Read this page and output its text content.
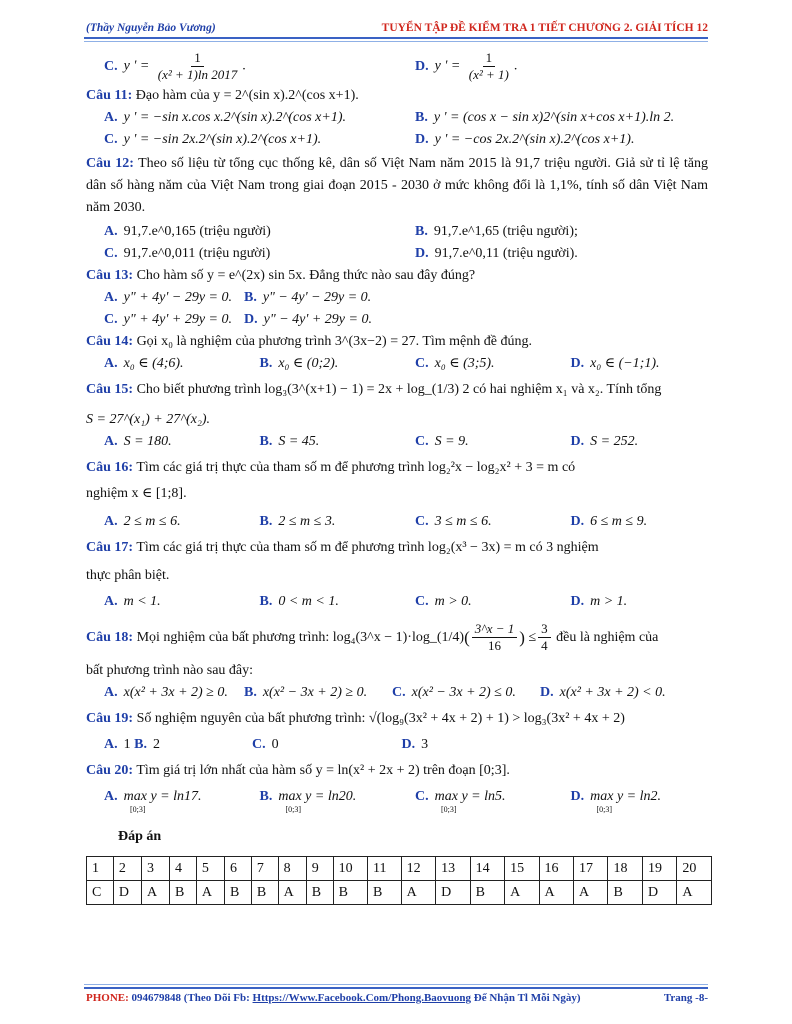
(Thầy Nguyễn Bảo Vương)	TUYỂN TẬP ĐỀ KIỂM TRA 1 TIẾT CHƯƠNG 2. GIẢI TÍCH 12
C. y ' = $\frac{1}{\text{(x² + 1)ln 2017}}$ .	D. y ' = $\frac{1}{\text{(x² + 1)}}$ .
Câu 11: Đạo hàm của y = 2^(sin x).2^(cos x+1).
A. y ' = −sin x.cos x.2^(sin x).2^(cos x+1).	B. y ' = (cos x − sin x)2^(sin x+cos x+1).ln 2.
C. y ' = −sin 2x.2^(sin x).2^(cos x+1).	D. y ' = −cos 2x.2^(sin x).2^(cos x+1).
Câu 12: Theo số liệu từ tổng cục thống kê, dân số Việt Nam năm 2015 là 91,7 triệu người. Giả sử tỉ lệ tăng dân số hàng năm của Việt Nam trong giai đoạn 2015 - 2030 ở mức không đổi là 1,1%, tính số dân Việt Nam năm 2030.
A. 91,7.e^0,165 (triệu người)	B. 91,7.e^1,65 (triệu người);
C. 91,7.e^0,011 (triệu người)	D. 91,7.e^0,11 (triệu người).
Câu 13: Cho hàm số y = e^(2x) sin 5x. Đẳng thức nào sau đây đúng?
A. y" + 4y' − 29y = 0. B. y" − 4y' − 29y = 0.
C. y" + 4y' + 29y = 0. D. y" − 4y' + 29y = 0.
Câu 14: Gọi x₀ là nghiệm của phương trình 3^(3x−2) = 27. Tìm mệnh đề đúng.
A. x₀ ∈ (4;6).	B. x₀ ∈ (0;2).	C. x₀ ∈ (3;5).	D. x₀ ∈ (−1;1).
Câu 15: Cho biết phương trình log₃(3^(x+1) − 1) = 2x + log_(1/3) 2 có hai nghiệm x₁ và x₂. Tính tổng
S = 27^(x₁) + 27^(x₂).
A. S = 180.	B. S = 45.	C. S = 9.	D. S = 252.
Câu 16: Tìm các giá trị thực của tham số m để phương trình log₂²x − log₂x² + 3 = m có
nghiệm x ∈ [1;8].
A. 2 ≤ m ≤ 6.	B. 2 ≤ m ≤ 3.	C. 3 ≤ m ≤ 6.	D. 6 ≤ m ≤ 9.
Câu 17: Tìm các giá trị thực của tham số m để phương trình log₂(x³ − 3x) = m có 3 nghiệm
thực phân biệt.
A. m < 1.	B. 0 < m < 1.	C. m > 0.	D. m > 1.
Câu 18:
Mọi nghiệm của bất phương trình: log₄(3^x − 1)·log_(1/4) ( $\frac{3\^{}x - 1}{16}$ )
≤ $\frac{3}{4}$
đều là nghiệm của
bất phương trình nào sau đây:
A. x(x² + 3x + 2) ≥ 0.	B. x(x² − 3x + 2) ≥ 0.	C. x(x² − 3x + 2) ≤ 0.	D. x(x² + 3x + 2) < 0.
Câu 19: Số nghiệm nguyên của bất phương trình: √(log₉(3x² + 4x + 2) + 1) > log₃(3x² + 4x + 2)
A. 1 B. 2	C. 0	D. 3
Câu 20: Tìm giá trị lớn nhất của hàm số y = ln(x² + 2x + 2) trên đoạn [0;3].
A. max y = ln17.
[0;3]
B. max y = ln20.
[0;3]
C. max y = ln5.
[0;3]
D. max y = ln2.
[0;3]
Đáp án
1	2	3	4	5	6	7	8	9	10	11	12	13	14	15	16	17	18	19	20
C	D	A	B	A	B	B	A	B	B	B	A	D	B	A	A	A	B	D	A
PHONE: 094679848 (Theo Dõi Fb: Https://Www.Facebook.Com/Phong.Baovuong Để Nhận Tl Mỗi Ngày)	Trang -8-
